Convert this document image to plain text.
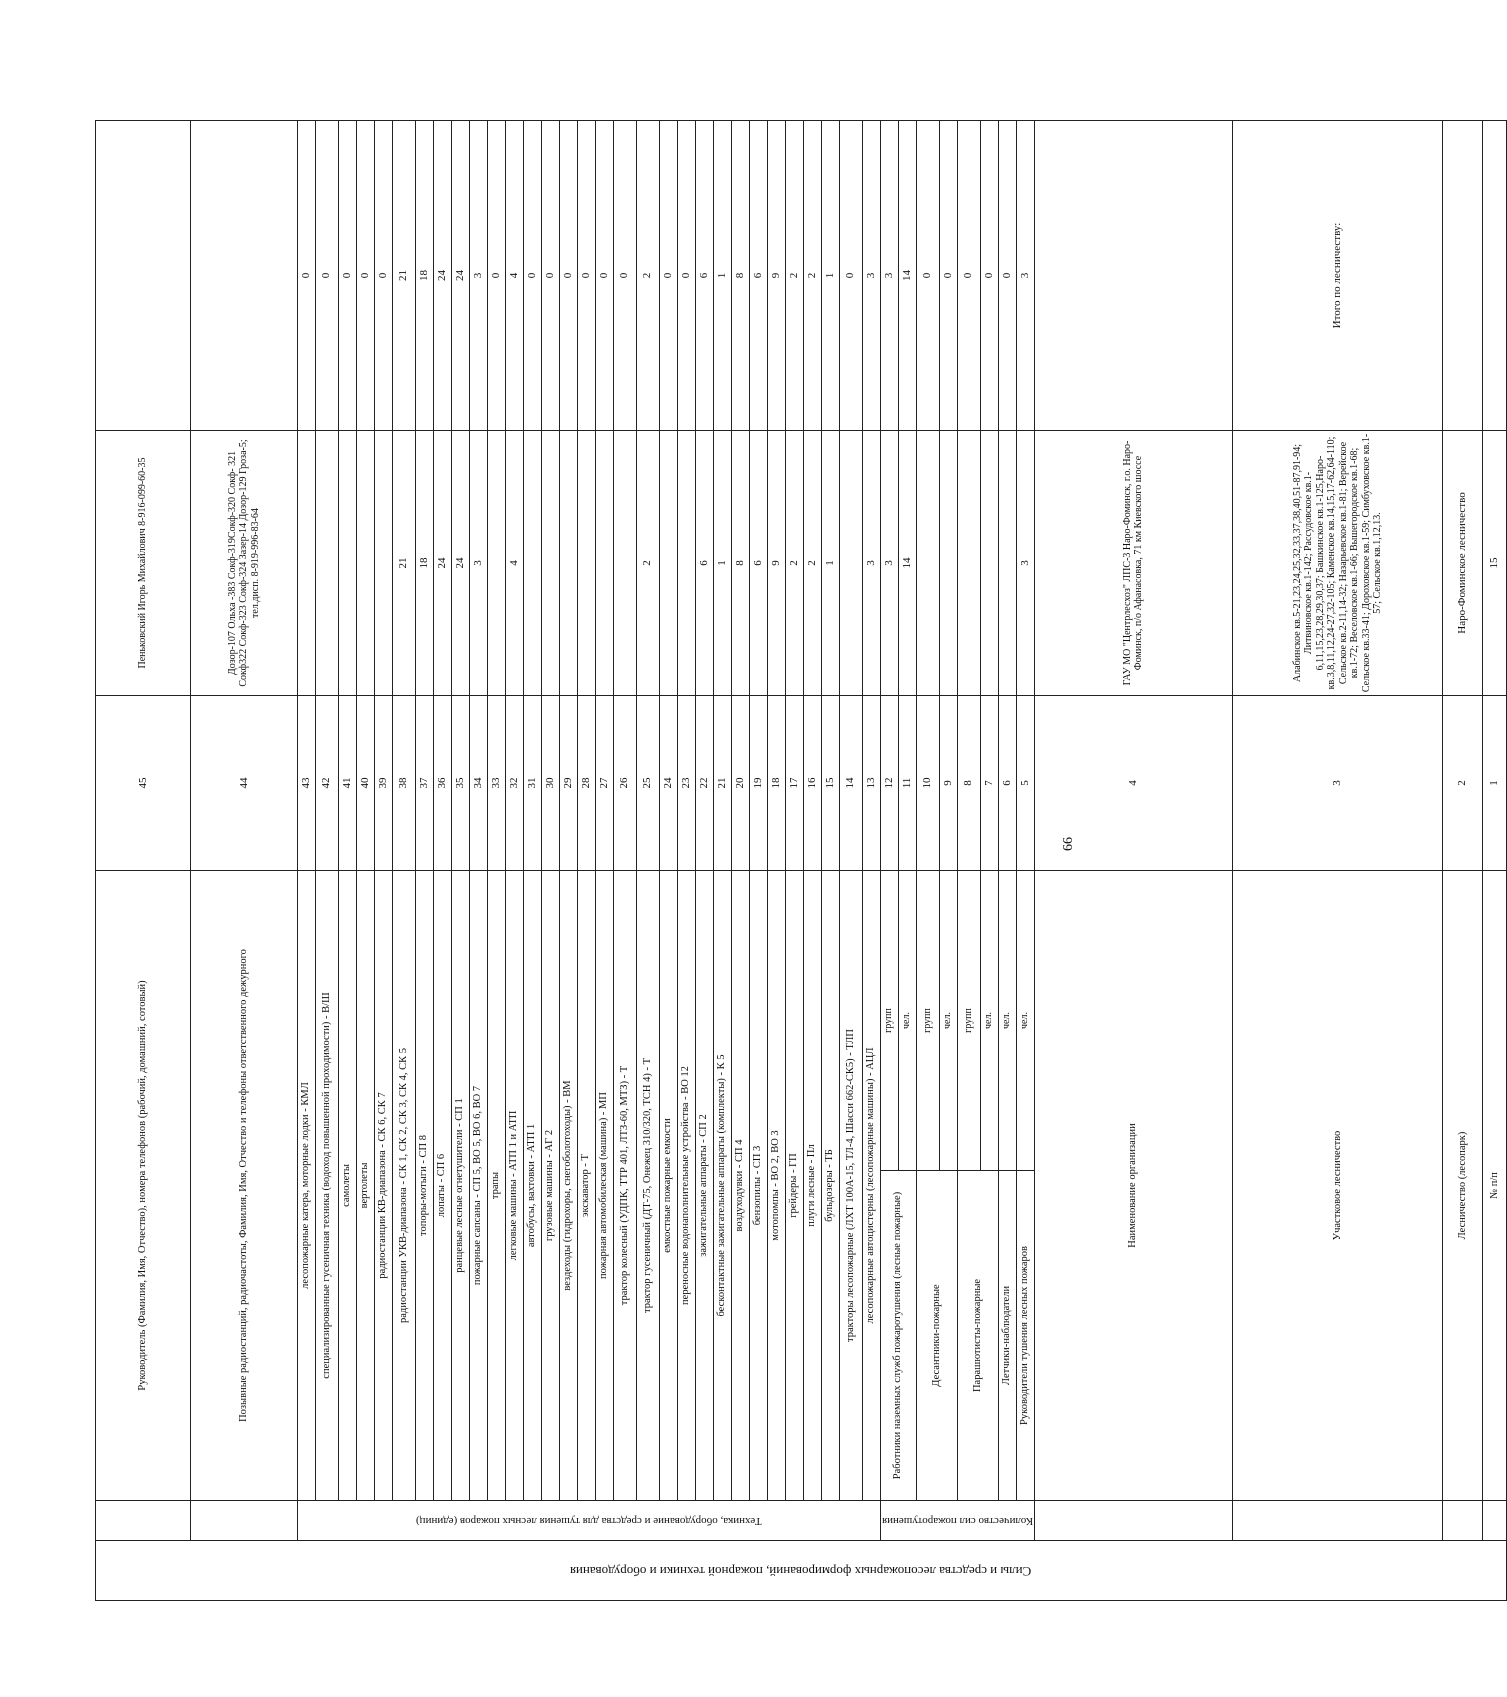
Силы и средства лесопожарных формирований, пожарной техники и оборудования		Руководитель (Фамилия, Имя, Отчество), номера телефонов (рабочий, домашний, сотовый)		45	Пеньковский Игорь Михайлович 8-916-099-60-35		
		Позывные радиостанций, радиочастоты, Фамилия, Имя, Отчество и телефоны ответственного дежурного		44	Дозор-107 Ольха -383 Сокф-319Сокф-320 Сокф- 321 Сокф322 Сокф-323 Сокф-324 Зазер-14 Дозор-129 Гроза-5; тел.дисп. 8-919-996-83-64		

	Техника, оборудование и средства для тушения лесных пожаров (единиц)	лесопожарные катера, моторные лодки - КМЛ		43		0	
		специализированные гусеничная техника (водоход повышенной проходимости) - В/Ш		42		0	
		самолеты		41		0	
		вертолеты		40		0	
		радиостанции КВ-диапазона - СК 6, СК 7		39		0	
		радиостанции УКВ-диапазона - СК 1, СК 2, СК 3, СК 4, СК 5		38	21	21	
		топоры-мотыги - СП 8		37	18	18	
		лопаты - СП 6		36	24	24	
		ранцевые лесные огнетушители - СП 1		35	24	24	
		пожарные сапсаны - СП 5, ВО 5, ВО 6, ВО 7		34	3	3	
		трапы		33		0	
		легковые машины - АТП 1 и АТП		32	4	4	
		автобусы, вахтовки - АТП 1		31		0	
		грузовые машины - АГ 2		30		0	
		вездеходы (гидрохоры, снегоболотоходы) - ВМ		29		0	
		экскаватор - Т		28		0	
		пожарная автомобилеская (машина) - МП		27		0	
		трактор колесный (УДПК, ТТР 401, ЛТЗ-60, МТЗ) - Т		26		0	
		трактор гусеничный (ДТ-75, Онежец 310/320, ТСН 4) - Т		25	2	2	
		емкостные пожарные емкости		24		0	
		переносные водонаполнительные устройства - ВО 12		23		0	
		зажигательные аппараты - СП 2		22	6	6	
		бесконтактные зажигательные аппараты (комплекты) - К 5		21	1	1	
		воздуходувки - СП 4		20	8	8	
		бензопилы - СП 3		19	6	6	
		мотопомпы - ВО 2, ВО 3		18	9	9	
		грейдеры - ГП		17	2	2	
		плуги лесные - Пл		16	2	2	
		бульдозеры - ТБ		15	1	1	
		тракторы лесопожарные (ЛХТ 100А-15, ТЛ-4, Шасси 662-СК5) - ТЛП		14		0	
		лесопожарные автоцистерны (лесопожарные машины) - АЦЛ		13	3	3	

	Количество сил пожаротушения	Работники наземных служб пожаротушения (лесные пожарные)	групп	12	3	3	
			чел.	11	14	14	
		Десантники-пожарные	групп	10		0	
			чел.	9		0	
		Парашютисты-пожарные	групп	8		0	
			чел.	7		0	
		Летчики-наблюдатели	чел.	6		0	
		Руководители тушения лесных пожаров	чел.	5	3	3	
		Наименование организации		4	ГАУ МО "Центрлесхоз" ЛПС-3 Наро-Фоминск, г.о. Наро-Фоминск, п/о Афанасовка, 71 км Киевского шоссе		
		Участковое лесничество		3	Алабинское кв.5-21,23,24,25,32,33,37,38,40,51-87,91-94; Литвиновское кв.1-142; Рассудовское кв.1-6,11,15,23,28,29,30,37; Башкинское кв.1-125,Наро-кв.3,8,11,12,24-27,32-105; Каменское кв.14,15,17-62,64-110; Сельское кв.2-11,14-32; Назарьевское кв.1-81; Верейское кв.1-72; Веселовское кв.1-66; Вышегородское кв.1-68; Сельское кв.33-41; Дороховское кв.1-59; Симбуховское кв.1-57; Сельское кв.1,12,13.	Итого по лесничеству:	
		Лесничество (лесопарк)		2	Наро-Фоминское лесничество		
		№ п/п		1	15		
66
